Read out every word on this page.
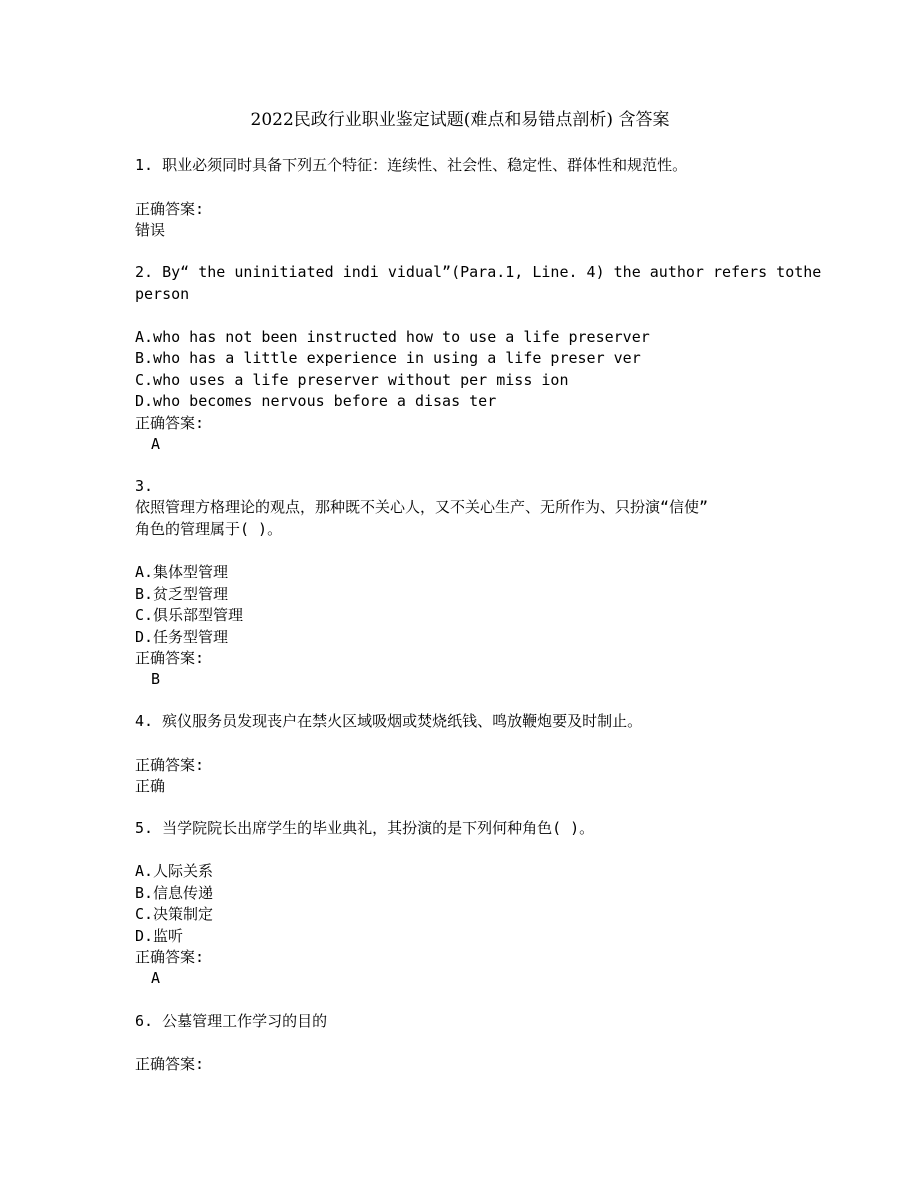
2022民政行业职业鉴定试题(难点和易错点剖析) 含答案
1. 职业必须同时具备下列五个特征：连续性、社会性、稳定性、群体性和规范性。
正确答案:
错误
2. By“ the uninitiated indi vidual”(Para.1, Line. 4) the author refers tothe
person
A.who has not been instructed how to use a life preserver
B.who has a little experience in using a life preser ver
C.who uses a life preserver without per miss ion
D.who becomes nervous before a disas ter
正确答案:
A
3.
依照管理方格理论的观点，那种既不关心人，又不关心生产、无所作为、只扮演“信使”
角色的管理属于( )。
A.集体型管理
B.贫乏型管理
C.俱乐部型管理
D.任务型管理
正确答案:
B
4. 殡仪服务员发现丧户在禁火区域吸烟或焚烧纸钱、鸣放鞭炮要及时制止。
正确答案:
正确
5. 当学院院长出席学生的毕业典礼，其扮演的是下列何种角色( )。
A.人际关系
B.信息传递
C.决策制定
D.监听
正确答案:
A
6. 公墓管理工作学习的目的
正确答案:
